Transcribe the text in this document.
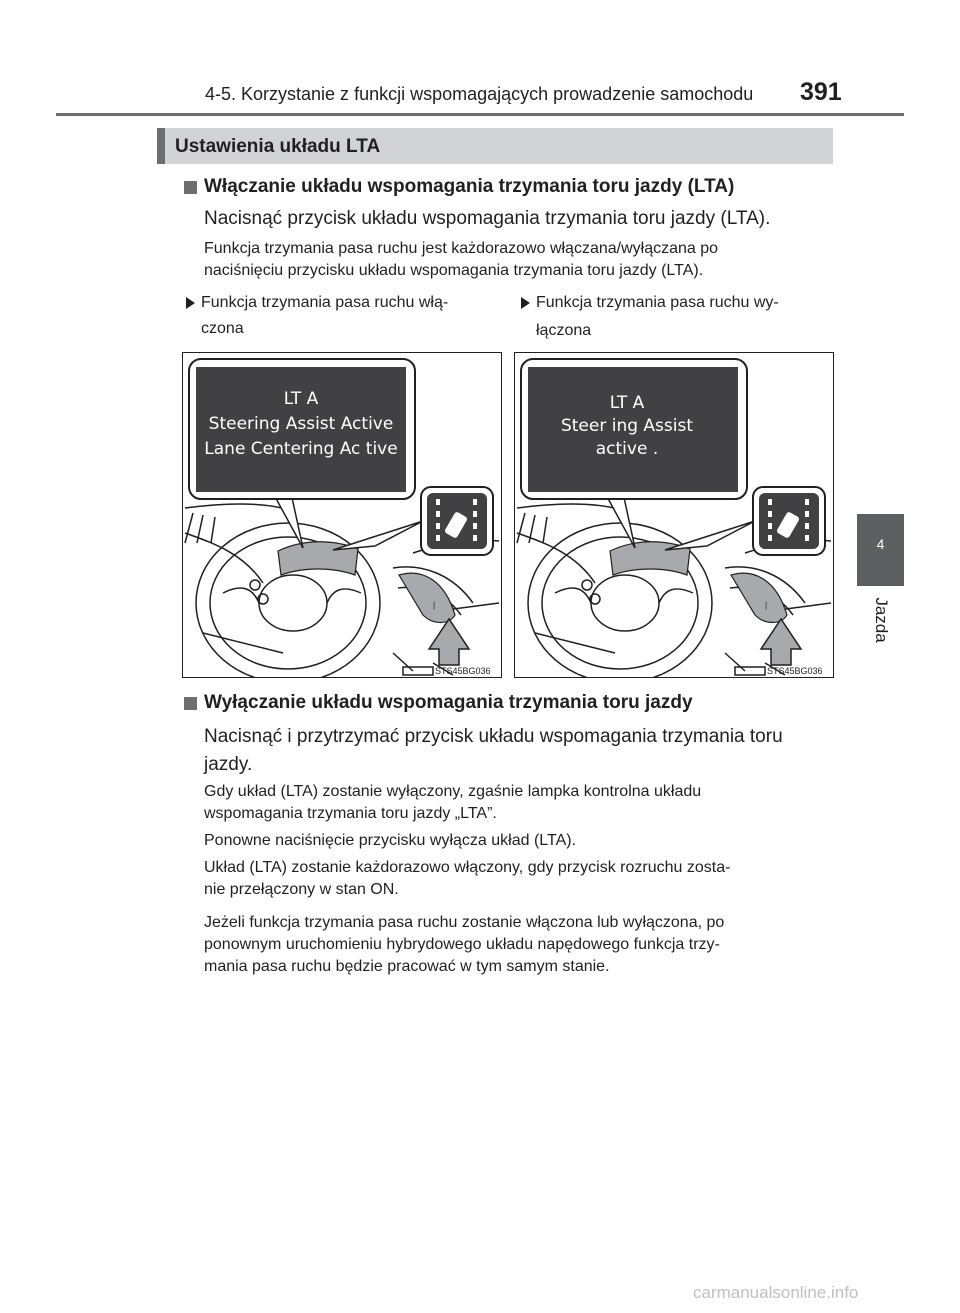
4-5. Korzystanie z funkcji wspomagających prowadzenie samochodu 391
4
Jazda
Ustawienia układu LTA
Włączanie układu wspomagania trzymania toru jazdy (LTA)
Nacisnąć przycisk układu wspomagania trzymania toru jazdy (LTA).
Funkcja trzymania pasa ruchu jest każdorazowo włączana/wyłączana po
naciśnięciu przycisku układu wspomagania trzymania toru jazdy (LTA).
Funkcja trzymania pasa ruchu włą-
czona
Funkcja trzymania pasa ruchu wy-
łączona
LT A
Steering Assist Active
Lane Centering Ac tive
⦚
STS45BG036
LT A
Steer ing Assist
active .
⦚
STS45BG036
Wyłączanie układu wspomagania trzymania toru jazdy
Nacisnąć i przytrzymać przycisk układu wspomagania trzymania toru
jazdy.
Gdy układ (LTA) zostanie wyłączony, zgaśnie lampka kontrolna układu
wspomagania trzymania toru jazdy „LTA”.
Ponowne naciśnięcie przycisku wyłącza układ (LTA).
Układ (LTA) zostanie każdorazowo włączony, gdy przycisk rozruchu zosta-
nie przełączony w stan ON.
Jeżeli funkcja trzymania pasa ruchu zostanie włączona lub wyłączona, po
ponownym uruchomieniu hybrydowego układu napędowego funkcja trzy-
mania pasa ruchu będzie pracować w tym samym stanie.
carmanualsonline.info
